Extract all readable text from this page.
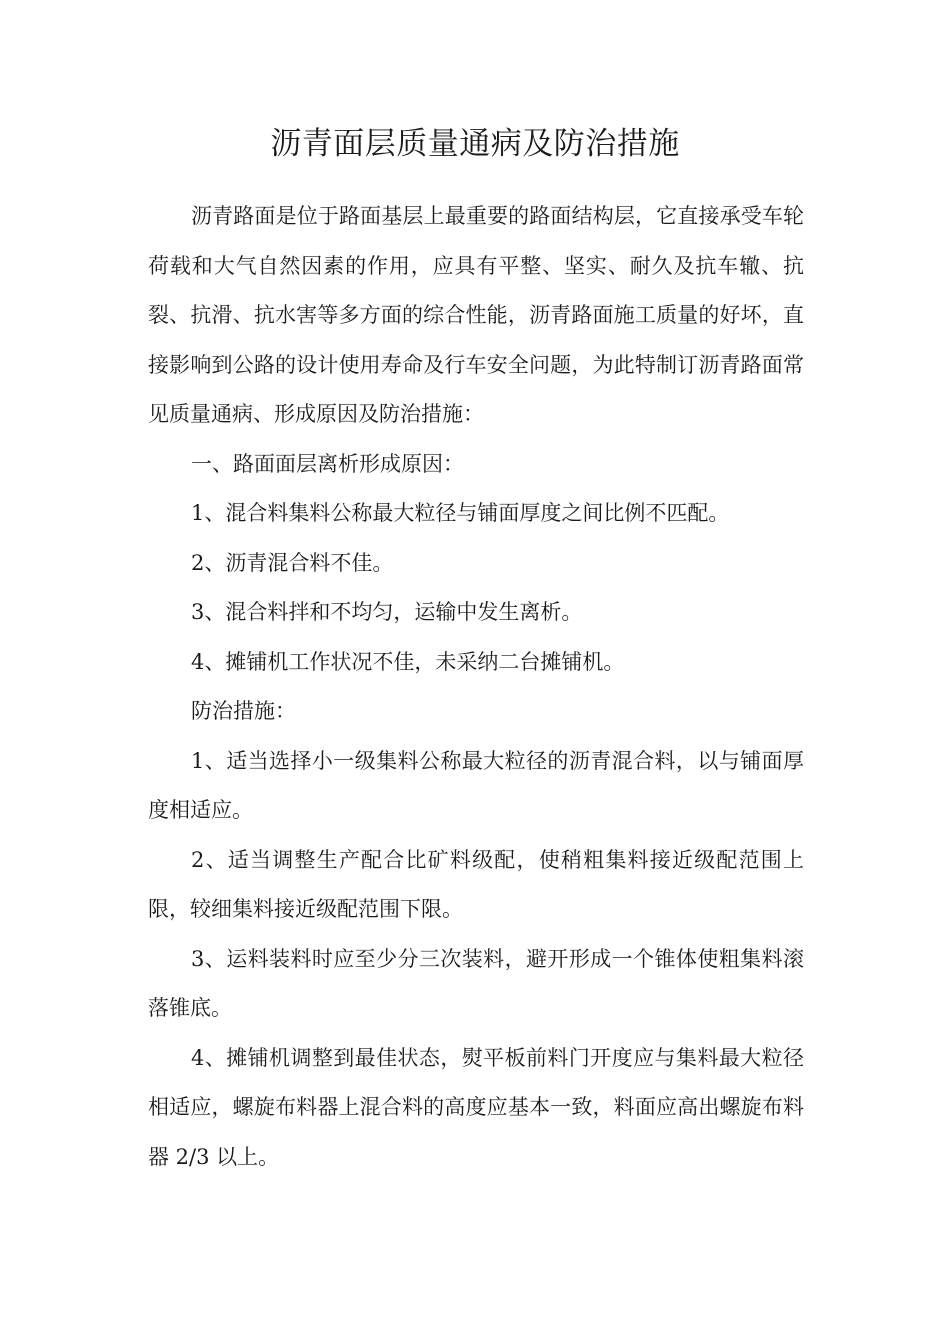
沥青面层质量通病及防治措施

沥青路面是位于路面基层上最重要的路面结构层，它直接承受车轮荷载和大气自然因素的作用，应具有平整、坚实、耐久及抗车辙、抗裂、抗滑、抗水害等多方面的综合性能，沥青路面施工质量的好坏，直接影响到公路的设计使用寿命及行车安全问题，为此特制订沥青路面常见质量通病、形成原因及防治措施：

一、路面面层离析形成原因：

1、混合料集料公称最大粒径与铺面厚度之间比例不匹配。

2、沥青混合料不佳。

3、混合料拌和不均匀，运输中发生离析。

4、摊铺机工作状况不佳，未采纳二台摊铺机。

防治措施：

1、适当选择小一级集料公称最大粒径的沥青混合料，以与铺面厚度相适应。

2、适当调整生产配合比矿料级配，使稍粗集料接近级配范围上限，较细集料接近级配范围下限。

3、运料装料时应至少分三次装料，避开形成一个锥体使粗集料滚落锥底。

4、摊铺机调整到最佳状态，熨平板前料门开度应与集料最大粒径相适应，螺旋布料器上混合料的高度应基本一致，料面应高出螺旋布料器 2/3 以上。
